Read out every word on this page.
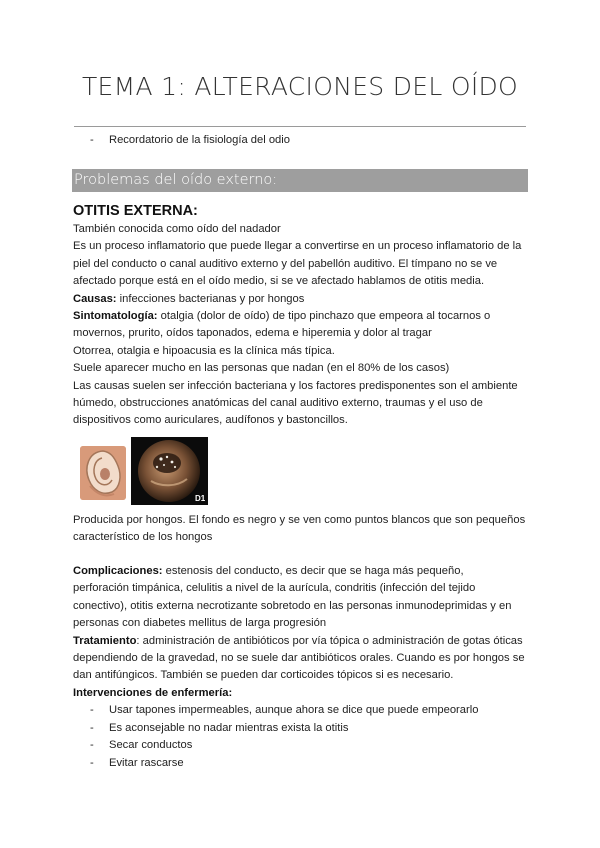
TEMA 1: ALTERACIONES DEL OÍDO
- Recordatorio de la fisiología del odio
Problemas del oído externo:
OTITIS EXTERNA:

También conocida como oído del nadador

Es un proceso inflamatorio que puede llegar a convertirse en un proceso inflamatorio de la

piel del conducto o canal auditivo externo y del pabellón auditivo. El tímpano no se ve

afectado porque está en el oído medio, si se ve afectado hablamos de otitis media.

Causas: infecciones bacterianas y por hongos

Sintomatología: otalgia (dolor de oído) de tipo pinchazo que empeora al tocarnos o

movernos, prurito, oídos taponados, edema e hiperemia y dolor al tragar

Otorrea, otalgia e hipoacusia es la clínica más típica.

Suele aparecer mucho en las personas que nadan (en el 80% de los casos)

Las causas suelen ser infección bacteriana y los factores predisponentes son el ambiente

húmedo, obstrucciones anatómicas del canal auditivo externo, traumas y el uso de

dispositivos como auriculares, audífonos y bastoncillos.

D1

Producida por hongos. El fondo es negro y se ven como puntos blancos que son pequeños

característico de los hongos

Complicaciones: estenosis del conducto, es decir que se haga más pequeño,

perforación timpánica, celulitis a nivel de la aurícula, condritis (infección del tejido

conectivo), otitis externa necrotizante sobretodo en las personas inmunodeprimidas y en

personas con diabetes mellitus de larga progresión

Tratamiento: administración de antibióticos por vía tópica o administración de gotas óticas

dependiendo de la gravedad, no se suele dar antibióticos orales. Cuando es por hongos se

dan antifúngicos. También se pueden dar corticoides tópicos si es necesario.

Intervenciones de enfermería:

- Usar tapones impermeables, aunque ahora se dice que puede empeorarlo
- Es aconsejable no nadar mientras exista la otitis
- Secar conductos
- Evitar rascarse
